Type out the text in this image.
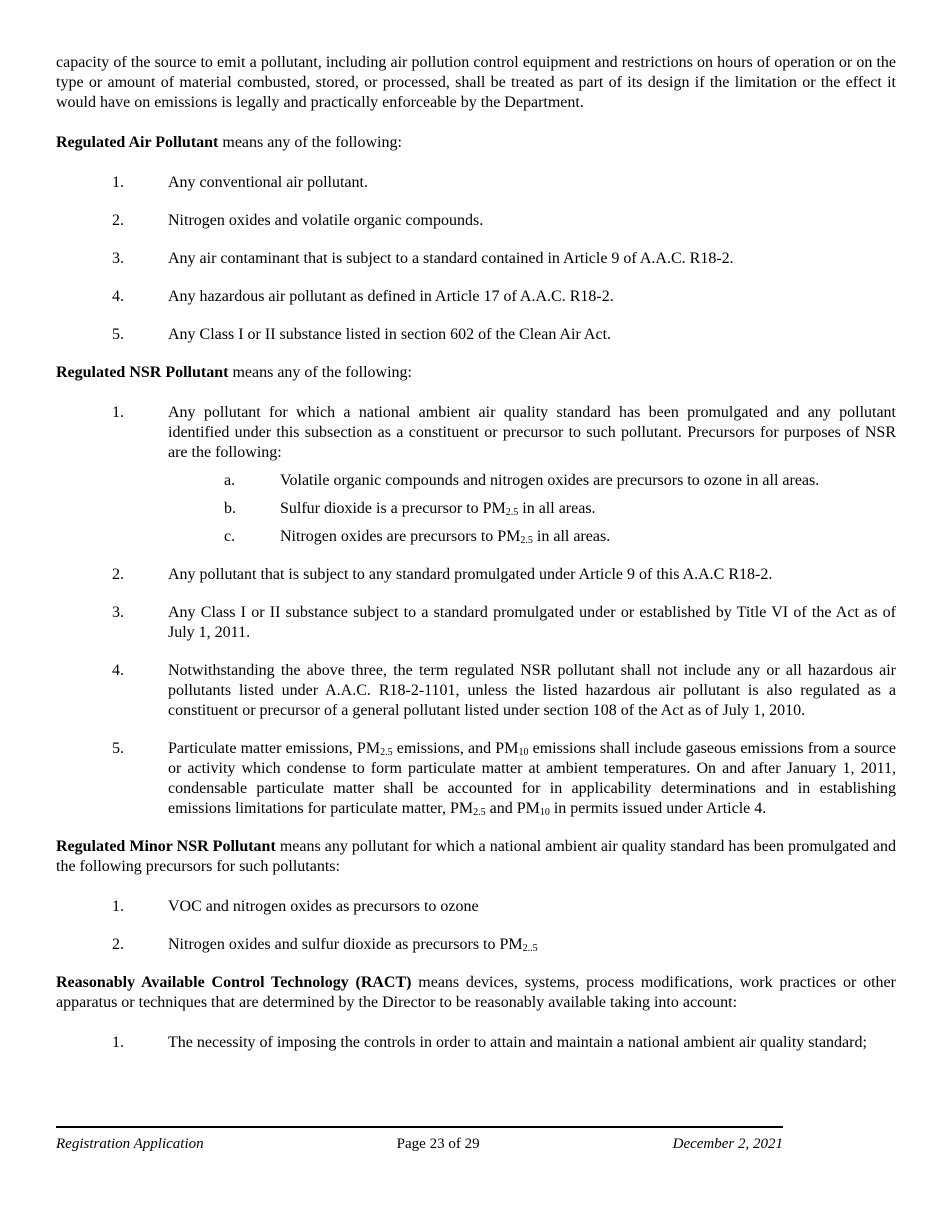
capacity of the source to emit a pollutant, including air pollution control equipment and restrictions on hours of operation or on the type or amount of material combusted, stored, or processed, shall be treated as part of its design if the limitation or the effect it would have on emissions is legally and practically enforceable by the Department.

Regulated Air Pollutant means any of the following:

1.	Any conventional air pollutant.
2.	Nitrogen oxides and volatile organic compounds.
3.	Any air contaminant that is subject to a standard contained in Article 9 of A.A.C. R18-2.
4.	Any hazardous air pollutant as defined in Article 17 of A.A.C. R18-2.
5.	Any Class I or II substance listed in section 602 of the Clean Air Act.

Regulated NSR Pollutant means any of the following:

1.	Any pollutant for which a national ambient air quality standard has been promulgated and any pollutant identified under this subsection as a constituent or precursor to such pollutant. Precursors for purposes of NSR are the following:
a.	Volatile organic compounds and nitrogen oxides are precursors to ozone in all areas.
b.	Sulfur dioxide is a precursor to $PM_{2.5}$ in all areas.
c.	Nitrogen oxides are precursors to $PM_{2.5}$ in all areas.
2.	Any pollutant that is subject to any standard promulgated under Article 9 of this A.A.C R18-2.
3.	Any Class I or II substance subject to a standard promulgated under or established by Title VI of the Act as of July 1, 2011.
4.	Notwithstanding the above three, the term regulated NSR pollutant shall not include any or all hazardous air pollutants listed under A.A.C. R18-2-1101, unless the listed hazardous air pollutant is also regulated as a constituent or precursor of a general pollutant listed under section 108 of the Act as of July 1, 2010.
5.	Particulate matter emissions, $PM_{2.5}$ emissions, and $PM_{10}$ emissions shall include gaseous emissions from a source or activity which condense to form particulate matter at ambient temperatures. On and after January 1, 2011, condensable particulate matter shall be accounted for in applicability determinations and in establishing emissions limitations for particulate matter, $PM_{2.5}$ and $PM_{10}$ in permits issued under Article 4.

Regulated Minor NSR Pollutant means any pollutant for which a national ambient air quality standard has been promulgated and the following precursors for such pollutants:

1.	VOC and nitrogen oxides as precursors to ozone
2.	Nitrogen oxides and sulfur dioxide as precursors to $PM_{2..5}$

Reasonably Available Control Technology (RACT) means devices, systems, process modifications, work practices or other apparatus or techniques that are determined by the Director to be reasonably available taking into account:

1.	The necessity of imposing the controls in order to attain and maintain a national ambient air quality standard;
Registration Application	Page 23 of 29	December 2, 2021
